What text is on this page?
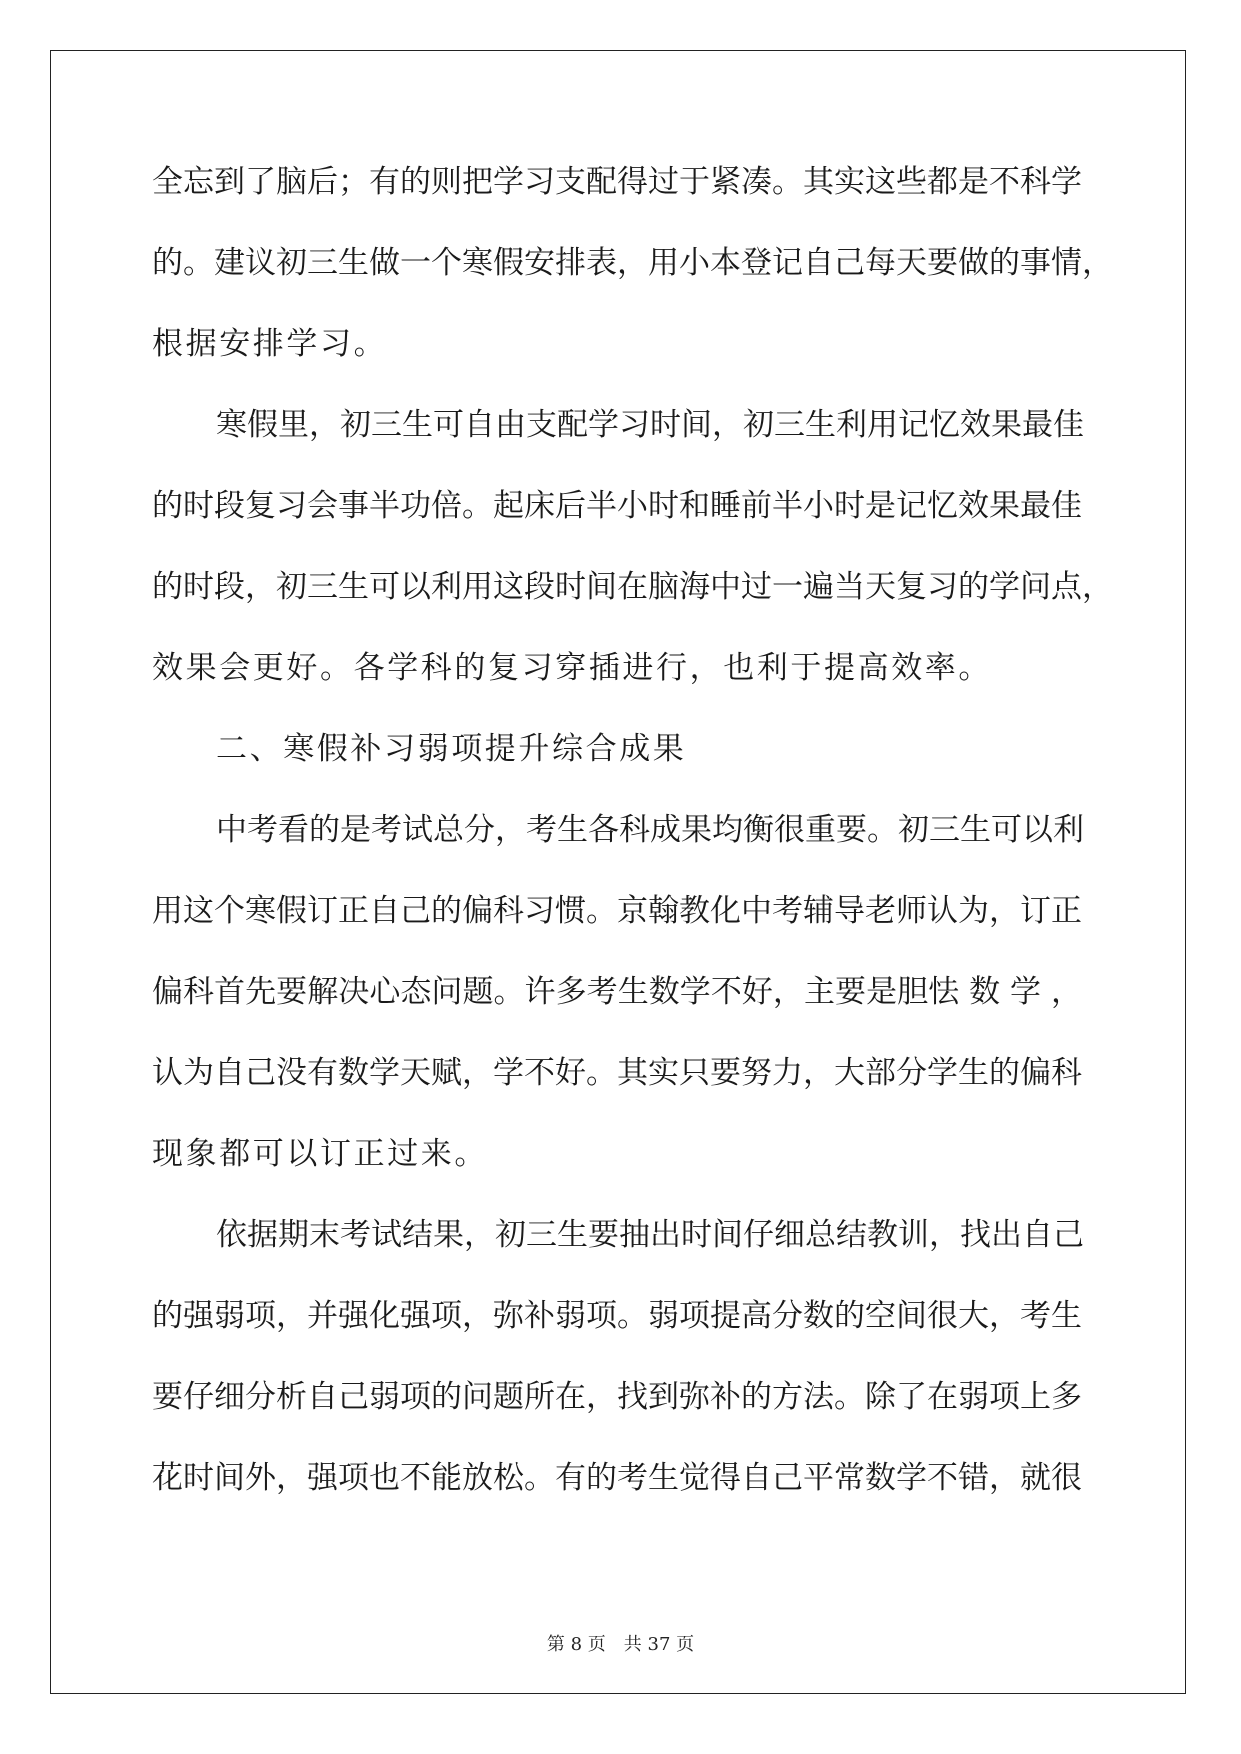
全忘到了脑后；有的则把学习支配得过于紧凑。其实这些都是不科学
的。建议初三生做一个寒假安排表，用小本登记自己每天要做的事情，
根据安排学习。
寒假里，初三生可自由支配学习时间，初三生利用记忆效果最佳
的时段复习会事半功倍。起床后半小时和睡前半小时是记忆效果最佳
的时段，初三生可以利用这段时间在脑海中过一遍当天复习的学问点，
效果会更好。各学科的复习穿插进行，也利于提高效率。
二、寒假补习弱项提升综合成果
中考看的是考试总分，考生各科成果均衡很重要。初三生可以利
用这个寒假订正自己的偏科习惯。京翰教化中考辅导老师认为，订正
偏科首先要解决心态问题。许多考生数学不好，主要是胆怯 数 学 ，
认为自己没有数学天赋，学不好。其实只要努力，大部分学生的偏科
现象都可以订正过来。
依据期末考试结果，初三生要抽出时间仔细总结教训，找出自己
的强弱项，并强化强项，弥补弱项。弱项提高分数的空间很大，考生
要仔细分析自己弱项的问题所在，找到弥补的方法。除了在弱项上多
花时间外，强项也不能放松。有的考生觉得自己平常数学不错，就很
第 8 页　共 37 页
